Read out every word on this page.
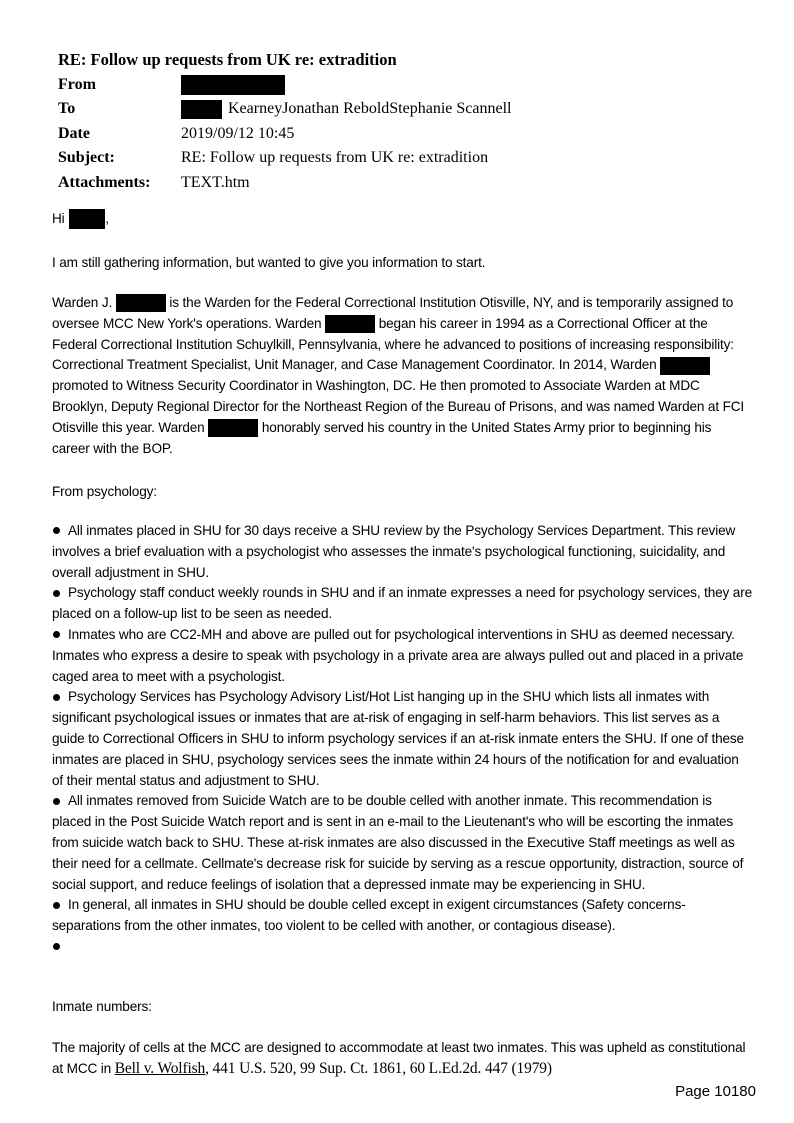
RE: Follow up requests from UK re: extradition	
From	
To	KearneyJonathan ReboldStephanie Scannell
Date	2019/09/12 10:45
Subject:	RE: Follow up requests from UK re: extradition
Attachments:	TEXT.htm
Hi	,

I am still gathering information, but wanted to give you information to start.

Warden J.	is the Warden for the Federal Correctional Institution Otisville, NY, and is temporarily assigned to oversee MCC New York's operations. Warden	began his career in 1994 as a Correctional Officer at the Federal Correctional Institution Schuylkill, Pennsylvania, where he advanced to positions of increasing responsibility: Correctional Treatment Specialist, Unit Manager, and Case Management Coordinator. In 2014, Warden  promoted to Witness Security Coordinator in Washington, DC. He then promoted to Associate Warden at MDC Brooklyn, Deputy Regional Director for the Northeast Region of the Bureau of Prisons, and was named Warden at FCI Otisville this year. Warden	honorably served his country in the United States Army prior to beginning his career with the BOP.

From psychology:

All inmates placed in SHU for 30 days receive a SHU review by the Psychology Services Department. This review involves a brief evaluation with a psychologist who assesses the inmate's psychological functioning, suicidality, and overall adjustment in SHU.
Psychology staff conduct weekly rounds in SHU and if an inmate expresses a need for psychology services, they are placed on a follow-up list to be seen as needed.
Inmates who are CC2-MH and above are pulled out for psychological interventions in SHU as deemed necessary. Inmates who express a desire to speak with psychology in a private area are always pulled out and placed in a private caged area to meet with a psychologist.
Psychology Services has Psychology Advisory List/Hot List hanging up in the SHU which lists all inmates with significant psychological issues or inmates that are at-risk of engaging in self-harm behaviors. This list serves as a guide to Correctional Officers in SHU to inform psychology services if an at-risk inmate enters the SHU. If one of these inmates are placed in SHU, psychology services sees the inmate within 24 hours of the notification for and evaluation of their mental status and adjustment to SHU.
All inmates removed from Suicide Watch are to be double celled with another inmate. This recommendation is placed in the Post Suicide Watch report and is sent in an e-mail to the Lieutenant's who will be escorting the inmates from suicide watch back to SHU. These at-risk inmates are also discussed in the Executive Staff meetings as well as their need for a cellmate. Cellmate's decrease risk for suicide by serving as a rescue opportunity, distraction, source of social support, and reduce feelings of isolation that a depressed inmate may be experiencing in SHU.
In general, all inmates in SHU should be double celled except in exigent circumstances (Safety concerns-separations from the other inmates, too violent to be celled with another, or contagious disease).

Inmate numbers:

The majority of cells at the MCC are designed to accommodate at least two inmates. This was upheld as constitutional at MCC in Bell v. Wolfish, 441 U.S. 520, 99 Sup. Ct. 1861, 60 L.Ed.2d. 447 (1979)

Page 10180
